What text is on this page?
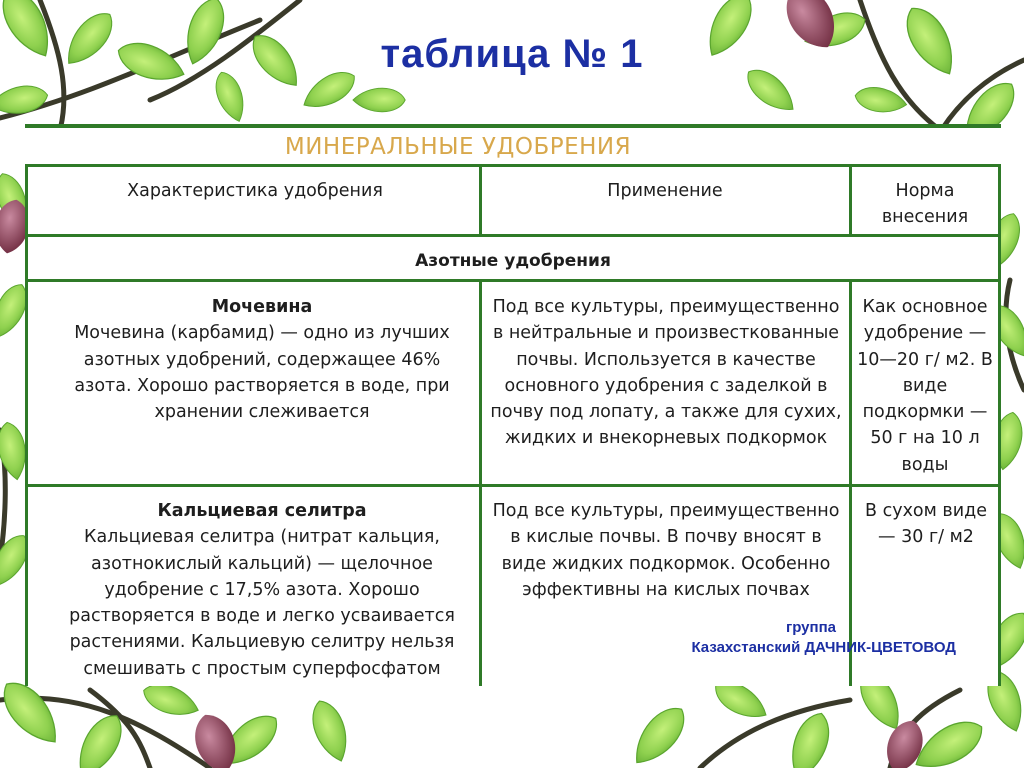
таблица № 1
МИНЕРАЛЬНЫЕ УДОБРЕНИЯ
Характеристика удобрения	Применение	Норма внесения
Азотные удобрения
Мочевина
Мочевина (карбамид) — одно из лучших азотных удобрений, содержащее 46% азота. Хорошо растворяется в воде, при хранении слеживается
Под все культуры, преимущественно в нейтральные и произвесткованные почвы. Используется в качестве основного удобрения с заделкой в почву под лопату, а также для сухих, жидких и внекорневых подкормок
Как основное удобрение — 10—20 г/ м2. В виде подкормки — 50 г на 10 л воды
Кальциевая селитра
Кальциевая селитра (нитрат кальция, азотнокислый кальций) — щелочное удобрение с 17,5% азота. Хорошо растворяется в воде и легко усваивается растениями. Кальциевую селитру нельзя смешивать с простым суперфосфатом
Под все культуры, преимущественно в кислые почвы. В почву вносят в виде жидких подкормок. Особенно эффективны на кислых почвах
В сухом виде — 30 г/ м2
группа
Казахстанский ДАЧНИК-ЦВЕТОВОД
